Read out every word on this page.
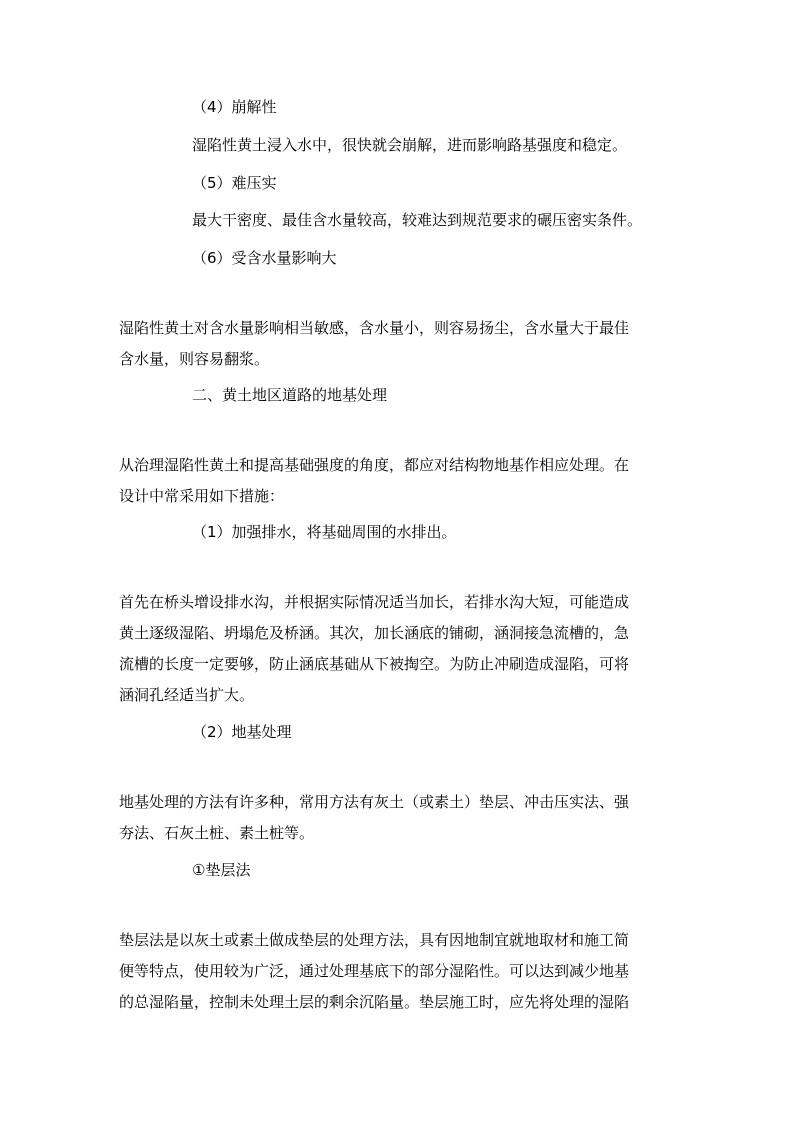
（4）崩解性
湿陷性黄土浸入水中，很快就会崩解，进而影响路基强度和稳定。
（5）难压实
最大干密度、最佳含水量较高，较难达到规范要求的碾压密实条件。
（6）受含水量影响大
湿陷性黄土对含水量影响相当敏感，含水量小，则容易扬尘，含水量大于最佳
含水量，则容易翻浆。
二、黄土地区道路的地基处理
从治理湿陷性黄土和提高基础强度的角度，都应对结构物地基作相应处理。在
设计中常采用如下措施：
（1）加强排水，将基础周围的水排出。
首先在桥头增设排水沟，并根据实际情况适当加长，若排水沟大短，可能造成
黄土逐级湿陷、坍塌危及桥涵。其次，加长涵底的铺砌，涵洞接急流槽的，急
流槽的长度一定要够，防止涵底基础从下被掏空。为防止冲刷造成湿陷，可将
涵洞孔经适当扩大。
（2）地基处理
地基处理的方法有许多种，常用方法有灰土（或素土）垫层、冲击压实法、强
夯法、石灰土桩、素土桩等。
①垫层法
垫层法是以灰土或素土做成垫层的处理方法，具有因地制宜就地取材和施工简
便等特点，使用较为广泛，通过处理基底下的部分湿陷性。可以达到减少地基
的总湿陷量，控制未处理土层的剩余沉陷量。垫层施工时，应先将处理的湿陷
